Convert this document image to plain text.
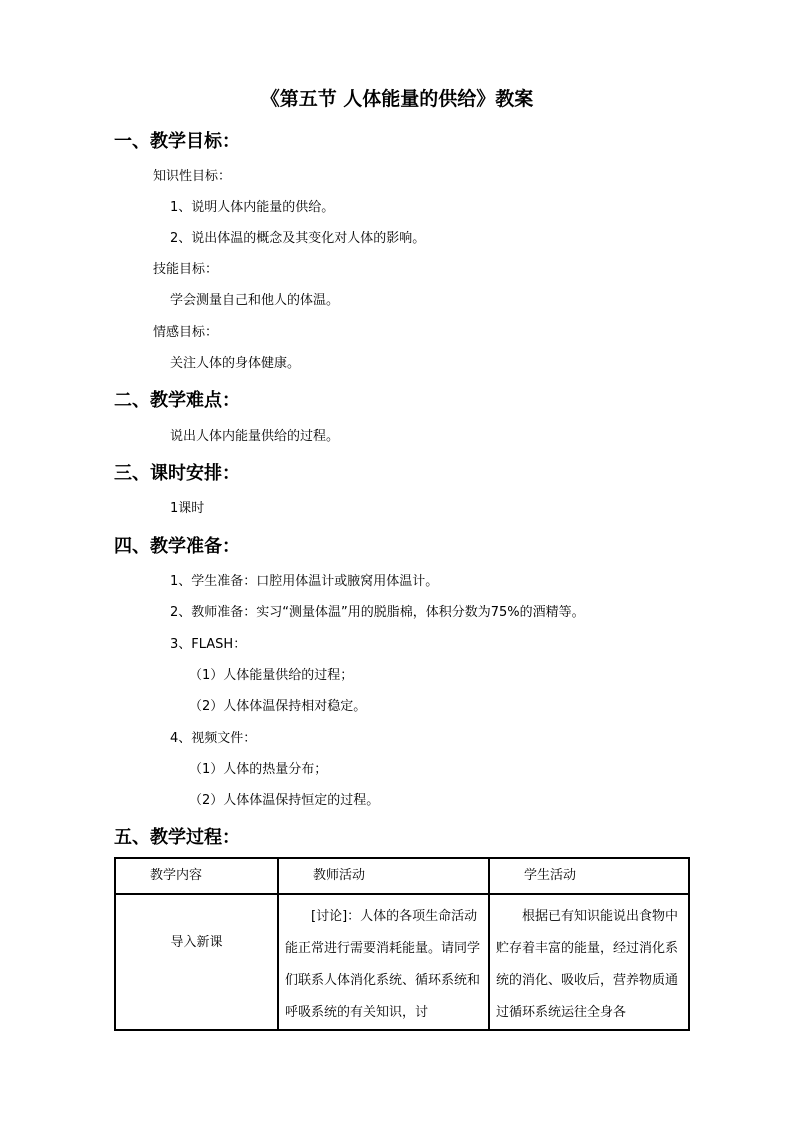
《第五节 人体能量的供给》教案
一、教学目标：
知识性目标：
1、说明人体内能量的供给。
2、说出体温的概念及其变化对人体的影响。
技能目标：
学会测量自己和他人的体温。
情感目标：
关注人体的身体健康。
二、教学难点：
说出人体内能量供给的过程。
三、课时安排：
1课时
四、教学准备：
1、学生准备：口腔用体温计或腋窝用体温计。
2、教师准备：实习“测量体温”用的脱脂棉，体积分数为75%的酒精等。
3、FLASH：
（1）人体能量供给的过程；
（2）人体体温保持相对稳定。
4、视频文件：
（1）人体的热量分布；
（2）人体体温保持恒定的过程。
五、教学过程：
教学内容	教师活动	学生活动

导入新课	[讨论]：人体的各项生命活动能正常进行需要消耗能量。请同学们联系人体消化系统、循环系统和呼吸系统的有关知识，讨	根据已有知识能说出食物中贮存着丰富的能量，经过消化系统的消化、吸收后，营养物质通过循环系统运往全身各
